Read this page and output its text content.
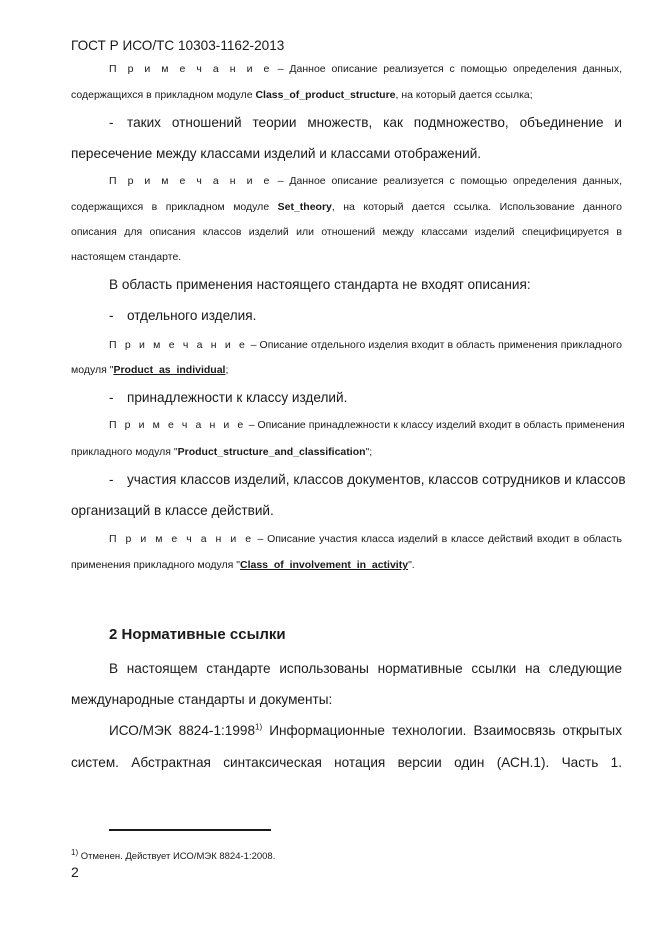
ГОСТ Р ИСО/ТС 10303-1162-2013
П р и м е ч а н и е – Данное описание реализуется с помощью определения данных,
содержащихся в прикладном модуле Class_of_product_structure, на который дается ссылка;
- таких отношений теории множеств, как подмножество, объединение и
пересечение между классами изделий и классами отображений.
П р и м е ч а н и е – Данное описание реализуется с помощью определения данных,
содержащихся в прикладном модуле Set_theory, на который дается ссылка. Использование данного
описания для описания классов изделий или отношений между классами изделий специфицируется в
настоящем стандарте.
В область применения настоящего стандарта не входят описания:
- отдельного изделия.
П р и м е ч а н и е – Описание отдельного изделия входит в область применения прикладного
модуля "Product_as_individual;
- принадлежности к классу изделий.
П р и м е ч а н и е – Описание принадлежности к классу изделий входит в область применения
прикладного модуля "Product_structure_and_classification";
- участия классов изделий, классов документов, классов сотрудников и классов
организаций в классе действий.
П р и м е ч а н и е – Описание участия класса изделий в классе действий входит в область
применения прикладного модуля "Class_of_involvement_in_activity".
2 Нормативные ссылки
В настоящем стандарте использованы нормативные ссылки на следующие
международные стандарты и документы:
ИСО/МЭК 8824-1:1998$^{1)}$ Информационные технологии. Взаимосвязь открытых
систем. Абстрактная синтаксическая нотация версии один (АСН.1). Часть 1.
$^{1)}$ Отменен. Действует ИСО/МЭК 8824-1:2008.
2
